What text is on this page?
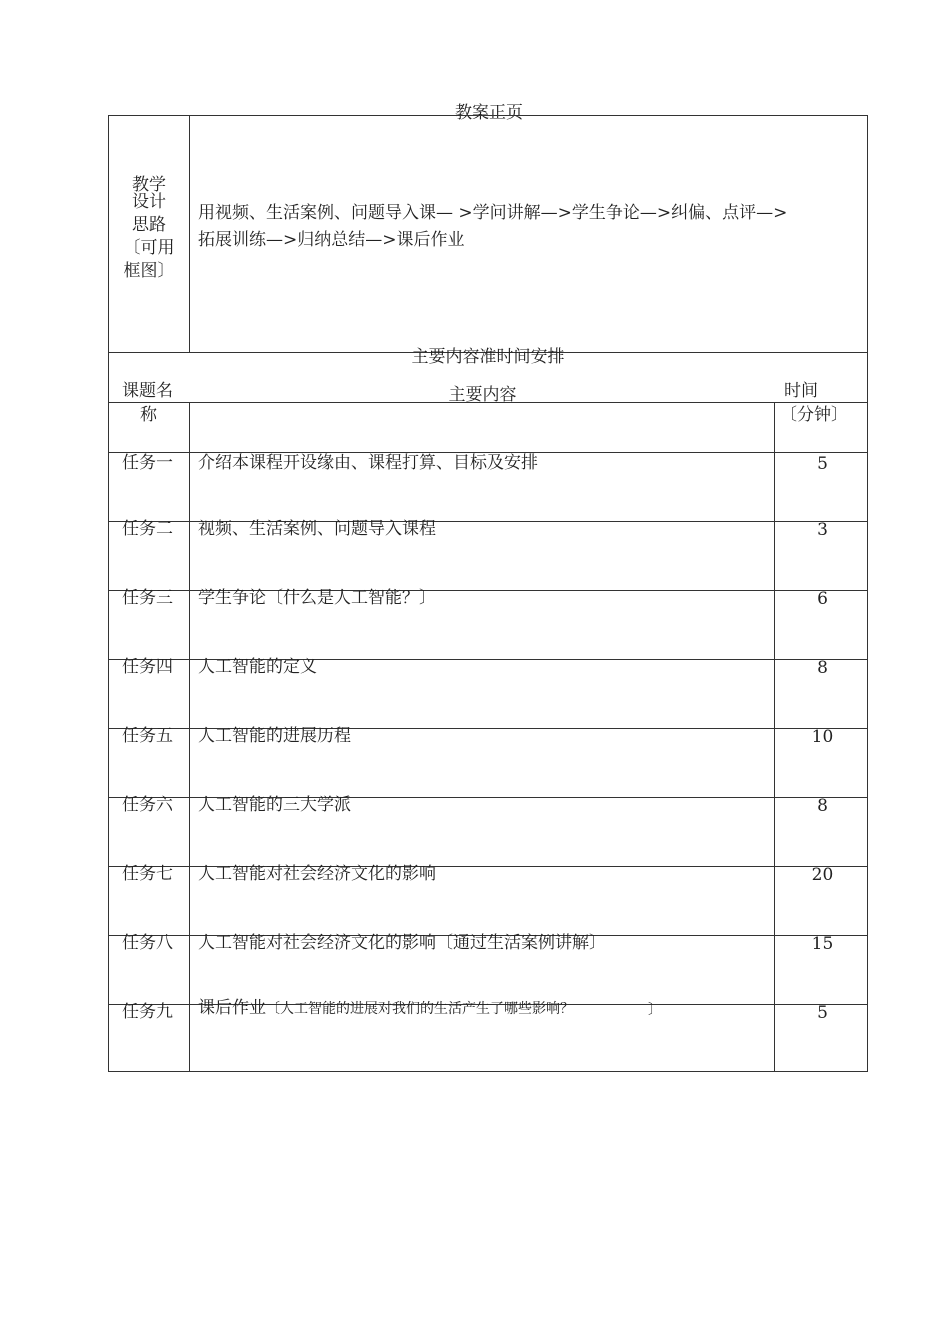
教案正页
教学
设计
思路
〔可用
框图〕
用视频、生活案例、问题导入课— >学问讲解—>学生争论—>纠偏、点评—>
拓展训练—>归纳总结—>课后作业
主要内容准时间安排
课题名
称
主要内容	时间
〔分钟〕
任务一 介绍本课程开设缘由、课程打算、目标及安排	5
任务二 视频、生活案例、问题导入课程	3
任务三 学生争论〔什么是人工智能？〕	6
任务四 人工智能的定义	8
任务五 人工智能的进展历程	10
任务六 人工智能的三大学派	8
任务七 人工智能对社会经济文化的影响	20
任务八 人工智能对社会经济文化的影响〔通过生活案例讲解〕	15
任务九 课后作业〔人工智能的进展对我们的生活产生了哪些影响？	〕	5
